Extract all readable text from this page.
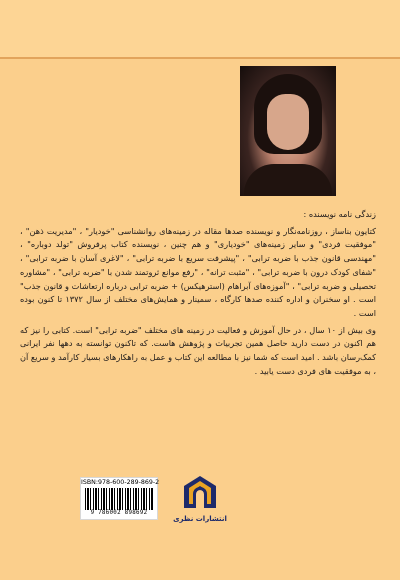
زندگی نامه نویسنده :

کتایون بناساز ، روزنامه‌نگار و نویسنده صدها مقاله در زمینه‌های روانشناسی "خودیار" ، "مدیریت ذهن" ، "موفقیت فردی" و سایر زمینه‌های "خودیاری" و هم چنین ، نویسنده کتاب پرفروش "تولد دوباره" ، "مهندسی قانون جذب با ضربه ترابی" ، "پیشرفت سریع با ضربه ترابی" ، "لاغری آسان با ضربه ترابی" ، "شفای کودک درون با ضربه ترابی" ، "مثبت ترانه" ، "رفع موانع ثروتمند شدن با "ضربه ترابی" ، "مشاوره تحصیلی و ضربه ترابی" ، "آموزه‌های آبراهام (استرهیکس) + ضربه ترابی درباره ارتعاشات و قانون جذب" است . او سخنران و اداره کننده صدها کارگاه ، سمینار و همایش‌های مختلف از سال ۱۳۷۲ تا کنون بوده است .

وی بیش از ۱۰ سال ، در حال آموزش و فعالیت در زمینه های مختلف "ضربه ترابی" است. کتابی را نیز که هم اکنون در دست دارید حاصل همین تجربیات و پژوهش هاست. که تاکنون توانسته به دهها نفر ایرانی کمک‌رسان باشد . امید است که شما نیز با مطالعه این کتاب و عمل به راهکارهای بسیار کارآمد و سریع آن ، به موفقیت های فردی دست یابید .

ISBN:978-600-289-869-2
9 786002 898692
انتشارات نظری
